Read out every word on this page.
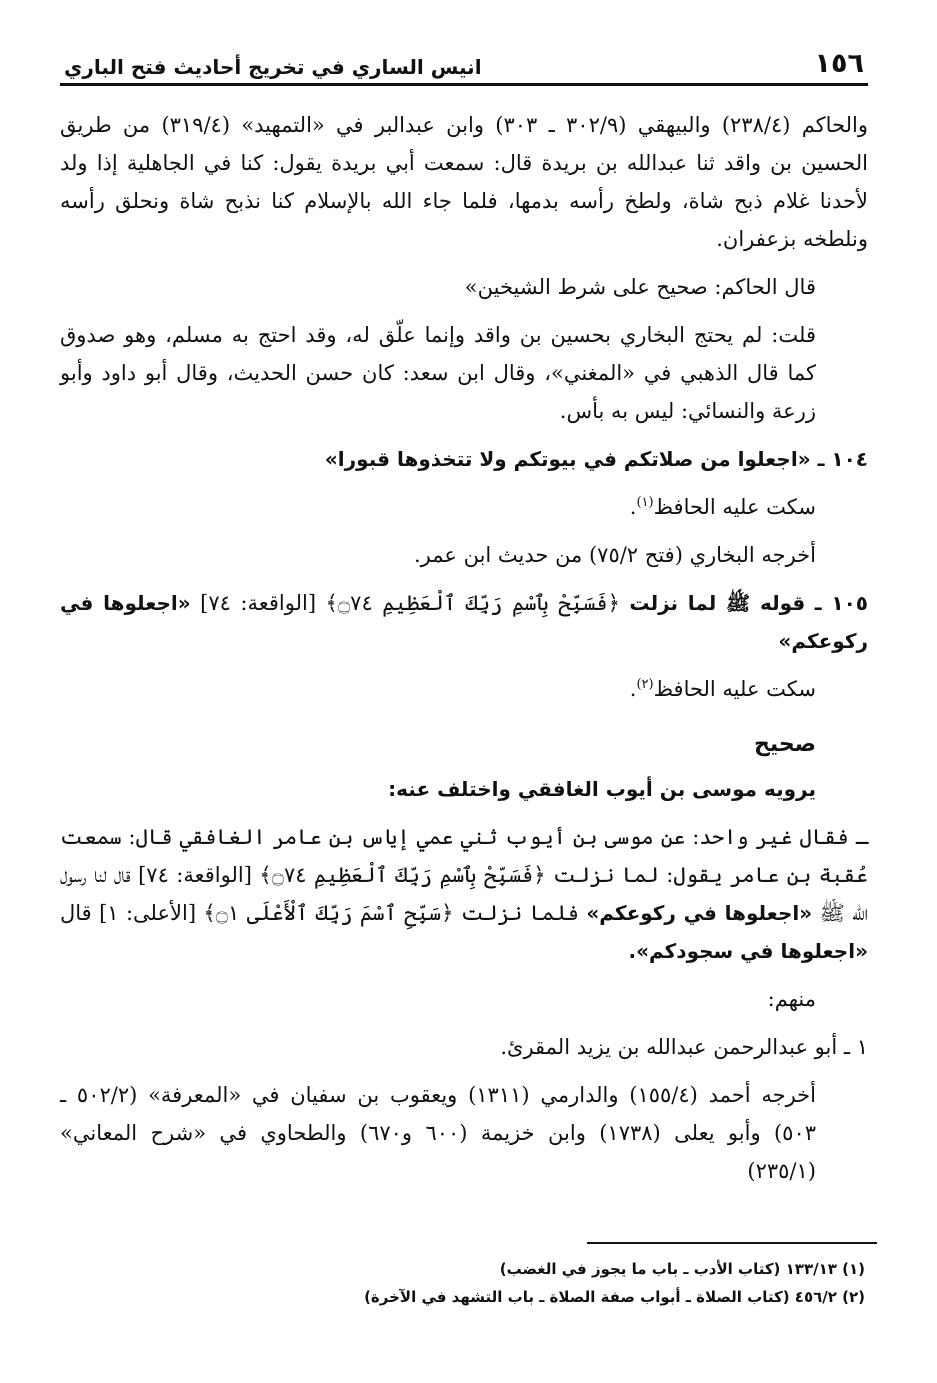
١٥٦
انيس الساري في تخريج أحاديث فتح الباري

والحاكم (٢٣٨/٤) والبيهقي (٣٠٢/٩ ـ ٣٠٣) وابن عبدالبر في «التمهيد» (٣١٩/٤) من طريق الحسين بن واقد ثنا عبدالله بن بريدة قال: سمعت أبي بريدة يقول: كنا في الجاهلية إذا ولد لأحدنا غلام ذبح شاة، ولطخ رأسه بدمها، فلما جاء الله بالإسلام كنا نذبح شاة ونحلق رأسه ونلطخه بزعفران.

قال الحاكم: صحيح على شرط الشيخين»

قلت: لم يحتج البخاري بحسين بن واقد وإنما علّق له، وقد احتج به مسلم، وهو صدوق كما قال الذهبي في «المغني»، وقال ابن سعد: كان حسن الحديث، وقال أبو داود وأبو زرعة والنسائي: ليس به بأس.

١٠٤ ـ «اجعلوا من صلاتكم في بيوتكم ولا تتخذوها قبورا»

سكت عليه الحافظ$^{(١)}$.

أخرجه البخاري (فتح ٧٥/٢) من حديث ابن عمر.

١٠٥ ـ قوله ﷺ لما نزلت ﴿فَسَبِّحْ بِٱسْمِ رَبِّكَ ٱلْعَظِيمِ ۝٧٤﴾ [الواقعة: ٧٤] «اجعلوها في ركوعكم»

سكت عليه الحافظ$^{(٢)}$.

صحيح

يرويه موسى بن أيوب الغافقي واختلف عنه:

ـ فقال غير واحد: عن موسى بن أيوب ثني عمي إياس بن عامر الغافقي قال: سمعت عُقبة بن عامر يقول: لما نزلت ﴿فَسَبِّحْ بِٱسْمِ رَبِّكَ ٱلْعَظِيمِ ۝٧٤﴾ [الواقعة: ٧٤] قال لنا رسول الله ﷺ «اجعلوها في ركوعكم» فلما نزلت ﴿سَبِّحِ ٱسْمَ رَبِّكَ ٱلْأَعْلَى ۝١﴾ [الأعلى: ١] قال «اجعلوها في سجودكم».

منهم:

١ ـ أبو عبدالرحمن عبدالله بن يزيد المقرئ.

أخرجه أحمد (١٥٥/٤) والدارمي (١٣١١) ويعقوب بن سفيان في «المعرفة» (٥٠٢/٢ ـ ٥٠٣) وأبو يعلى (١٧٣٨) وابن خزيمة (٦٠٠ و٦٧٠) والطحاوي في «شرح المعاني» (٢٣٥/١)

(١) ١٣٣/١٣ (كتاب الأدب ـ باب ما يجوز في الغضب)
(٢) ٤٥٦/٢ (كتاب الصلاة ـ أبواب صفة الصلاة ـ باب التشهد في الآخرة)
